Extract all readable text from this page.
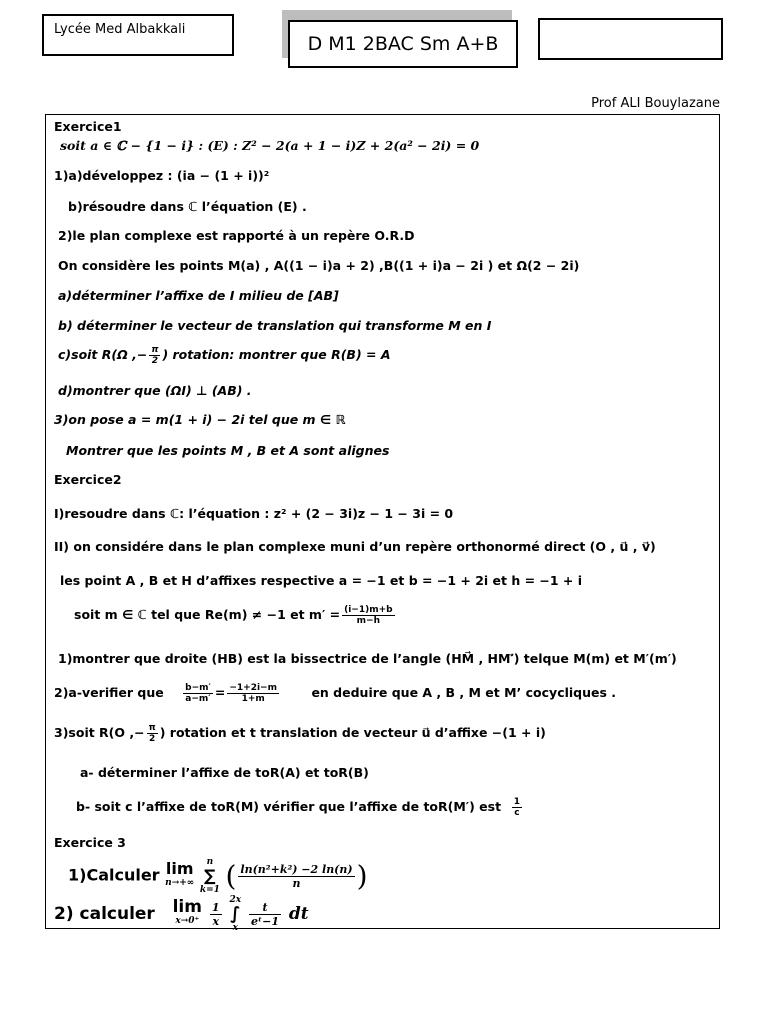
Lycée Med Albakkali
D M1 2BAC Sm A+B
Prof ALI Bouylazane
Exercice1
soit a ∈ ℂ − {1 − i} : (E) : Z² − 2(a + 1 − i)Z + 2(a² − 2i) = 0
1)a)développez : (ia − (1 + i))²
b)résoudre dans ℂ l’équation (E) .
2)le plan complexe est rapporté à un repère O.R.D
On considère les points M(a) , A((1 − i)a + 2) ,B((1 + i)a − 2i ) et Ω(2 − 2i)
a)déterminer l’affixe de I milieu de [AB]
b) déterminer le vecteur de translation qui transforme M en I
c)soit R(Ω ,− $\frac{\pi}{2}$ ) rotation: montrer que R(B) = A
d)montrer que (ΩI) ⊥ (AB) .
3)on pose a = m(1 + i) − 2i tel que m ∈ ℝ
Montrer que les points M , B et A sont alignes
Exercice2
I)resoudre dans ℂ: l’équation : z² + (2 − 3i)z − 1 − 3i = 0
II) on considére dans le plan complexe muni d’un repère orthonormé direct (O , u⃗ , v⃗)
les point A , B et H d’affixes respective a = −1 et b = −1 + 2i et h = −1 + i
soit m ∈ ℂ tel que Re(m) ≠ −1 et $m' = \frac{(i-1)m+b}{m-h}$
1)montrer que droite (HB) est la bissectrice de l’angle (HM⃗ , HM′⃗) telque M(m) et M′(m′)
2)a-verifier que $\frac{b-m'}{a-m'} = \frac{-1+2i-m}{1+m}$	en deduire que A , B , M et M’ cocycliques .
3)soit R(O ,− $\frac{\pi}{2}$ ) rotation et t translation de vecteur u⃗ d’affixe −(1 + i)
a- déterminer l’affixe de toR(A) et toR(B)
b- soit c l’affixe de toR(M) vérifier que l’affixe de toR(M′) est $\frac{1}{c}$
Exercice 3
1)Calculer lim
n→+∞

n
∑
k=1 ( $\frac{\text{ln(n²+k²) −2 ln(n)}}{n}$ )
2) calculer lim
x→0⁺
$\frac{1}{x}$

2x
∫
x

$\frac{t}{\text{eᵗ−1}}$ dt
